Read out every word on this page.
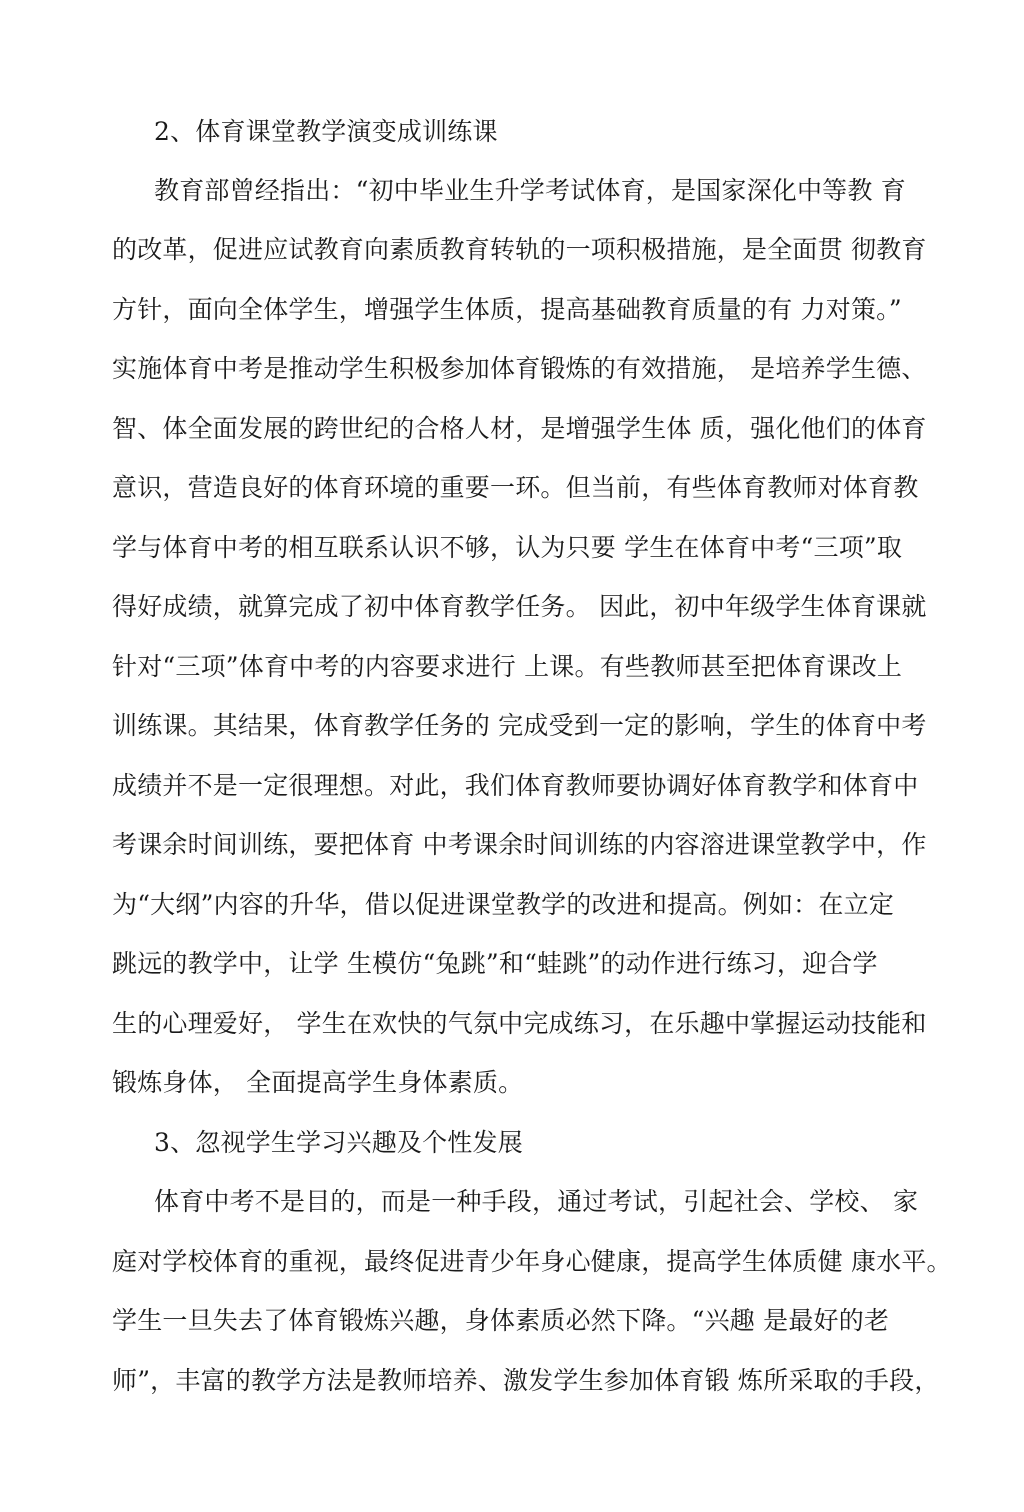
2、体育课堂教学演变成训练课
教育部曾经指出：“初中毕业生升学考试体育，是国家深化中等教 育
的改革，促进应试教育向素质教育转轨的一项积极措施，是全面贯 彻教育
方针，面向全体学生，增强学生体质，提高基础教育质量的有 力对策。”
实施体育中考是推动学生积极参加体育锻炼的有效措施， 是培养学生德、
智、体全面发展的跨世纪的合格人材，是增强学生体 质，强化他们的体育
意识，营造良好的体育环境的重要一环。但当前，有些体育教师对体育教
学与体育中考的相互联系认识不够，认为只要 学生在体育中考“三项”取
得好成绩，就算完成了初中体育教学任务。 因此，初中年级学生体育课就
针对“三项”体育中考的内容要求进行 上课。有些教师甚至把体育课改上
训练课。其结果，体育教学任务的 完成受到一定的影响，学生的体育中考
成绩并不是一定很理想。对此，我们体育教师要协调好体育教学和体育中
考课余时间训练，要把体育 中考课余时间训练的内容溶进课堂教学中，作
为“大纲”内容的升华，借以促进课堂教学的改进和提高。例如：在立定
跳远的教学中，让学 生模仿“兔跳”和“蛙跳”的动作进行练习，迎合学
生的心理爱好， 学生在欢快的气氛中完成练习，在乐趣中掌握运动技能和
锻炼身体， 全面提高学生身体素质。
3、忽视学生学习兴趣及个性发展
体育中考不是目的，而是一种手段，通过考试，引起社会、学校、 家
庭对学校体育的重视，最终促进青少年身心健康，提高学生体质健 康水平。
学生一旦失去了体育锻炼兴趣，身体素质必然下降。“兴趣 是最好的老
师”，丰富的教学方法是教师培养、激发学生参加体育锻 炼所采取的手段，
